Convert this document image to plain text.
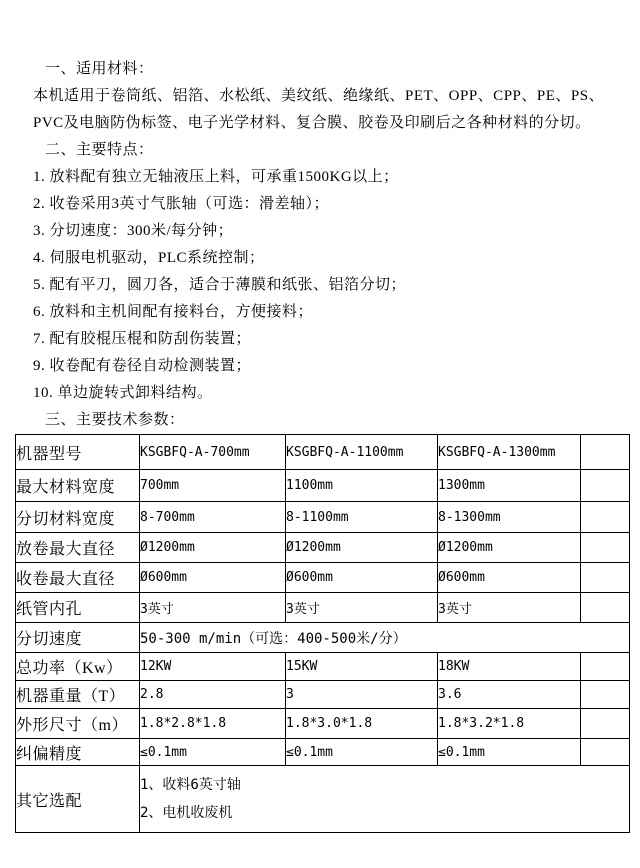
一、适用材料：

本机适用于卷筒纸、铝箔、水松纸、美纹纸、绝缘纸、PET、OPP、CPP、PE、PS、

PVC及电脑防伪标签、电子光学材料、复合膜、胶卷及印刷后之各种材料的分切。

二、主要特点：

1. 放料配有独立无轴液压上料，可承重1500KG以上；

2. 收卷采用3英寸气胀轴（可选：滑差轴）；

3. 分切速度：300米/每分钟；

4. 伺服电机驱动，PLC系统控制；

5. 配有平刀，圆刀各，适合于薄膜和纸张、铝箔分切；

6. 放料和主机间配有接料台，方便接料；

7. 配有胶棍压棍和防刮伤装置；

9. 收卷配有卷径自动检测装置；

10. 单边旋转式卸料结构。

三、主要技术参数：

机器型号	KSGBFQ-A-700mm	KSGBFQ-A-1100mm	KSGBFQ-A-1300mm	
最大材料宽度	700mm	1100mm	1300mm	
分切材料宽度	8-700mm	8-1100mm	8-1300mm	
放卷最大直径	Ø1200mm	Ø1200mm	Ø1200mm	
收卷最大直径	Ø600mm	Ø600mm	Ø600mm	
纸管内孔	3英寸	3英寸	3英寸	
分切速度	50-300 m/min（可选：400-500米/分）			
总功率（Kw）	12KW	15KW	18KW	
机器重量（T）	2.8	3	3.6	
外形尺寸（m）	1.8*2.8*1.8	1.8*3.0*1.8	1.8*3.2*1.8	
纠偏精度	≤0.1mm	≤0.1mm	≤0.1mm	
其它选配	1、收料6英寸轴
2、电机收废机			
